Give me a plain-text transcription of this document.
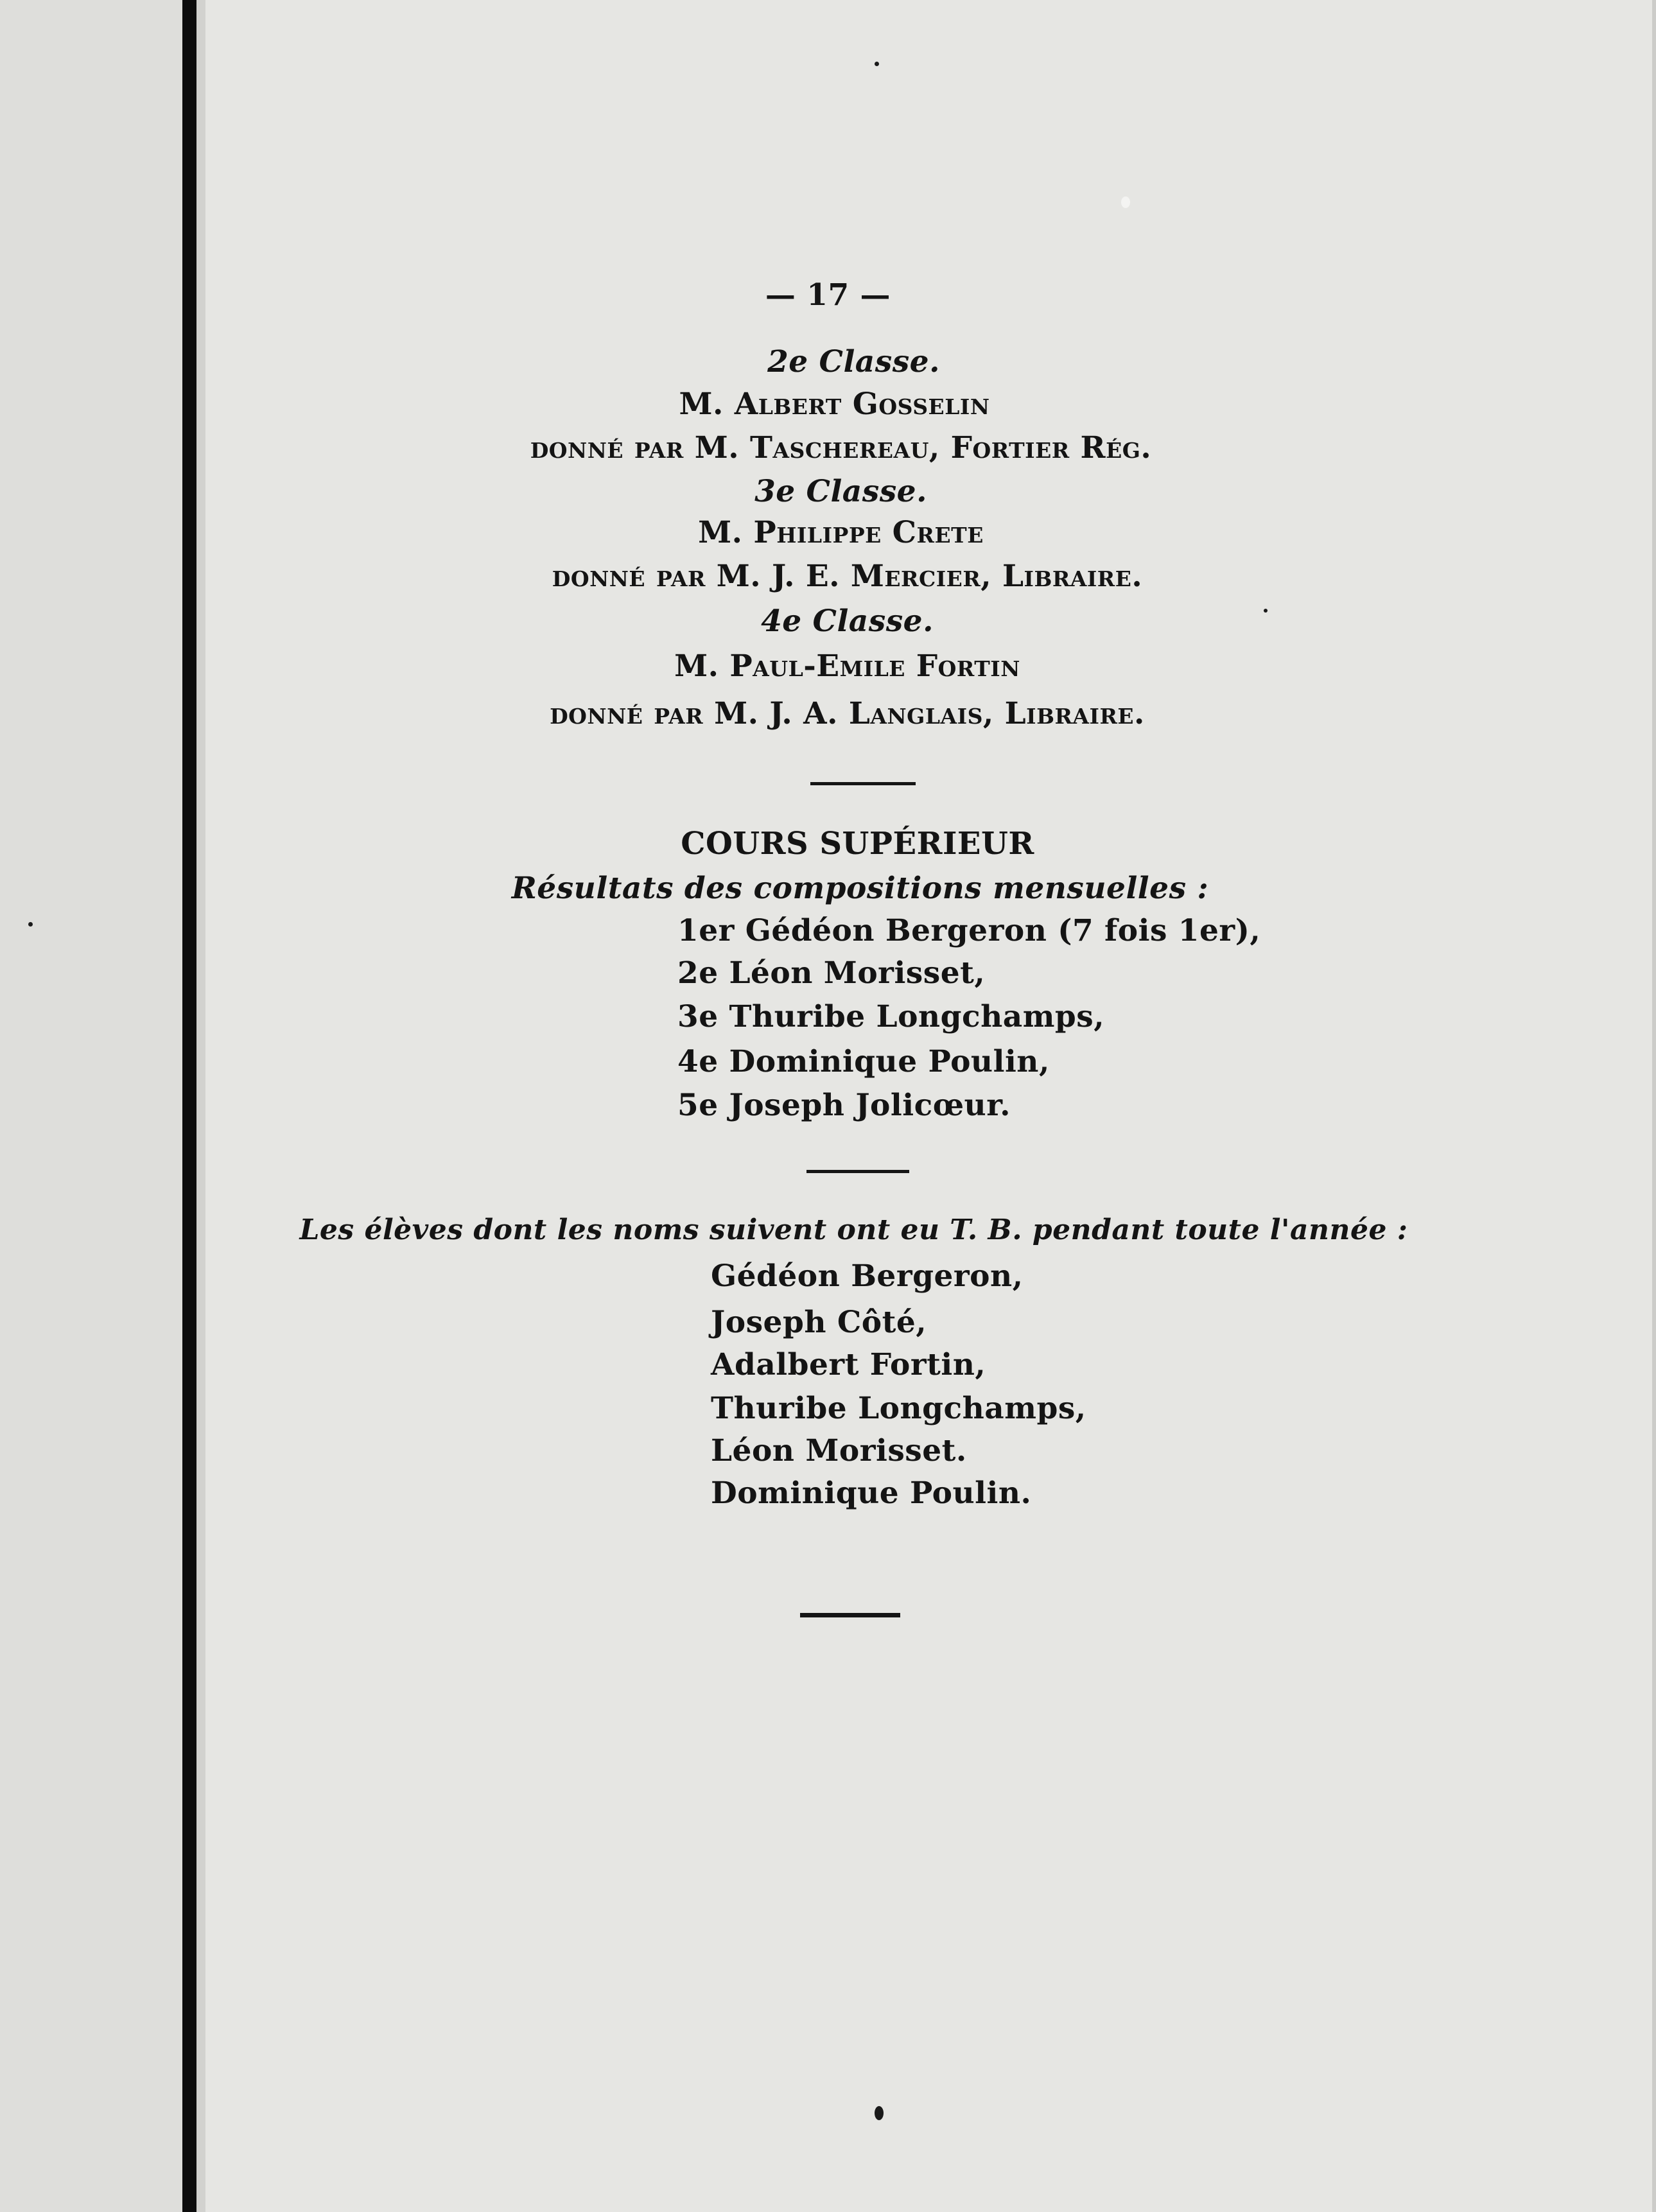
— 17 —
2e Classe.
M. Albert Gosselin
donné par M. Taschereau, Fortier Rég.
3e Classe.
M. Philippe Crete
donné par M. J. E. Mercier, Libraire.
4e Classe.
M. Paul-Emile Fortin
donné par M. J. A. Langlais, Libraire.
COURS SUPÉRIEUR
Résultats des compositions mensuelles :
1er Gédéon Bergeron (7 fois 1er),
2e Léon Morisset,
3e Thuribe Longchamps,
4e Dominique Poulin,
5e Joseph Jolicœur.
Les élèves dont les noms suivent ont eu T. B. pendant toute l'année :
Gédéon Bergeron,
Joseph Côté,
Adalbert Fortin,
Thuribe Longchamps,
Léon Morisset.
Dominique Poulin.
